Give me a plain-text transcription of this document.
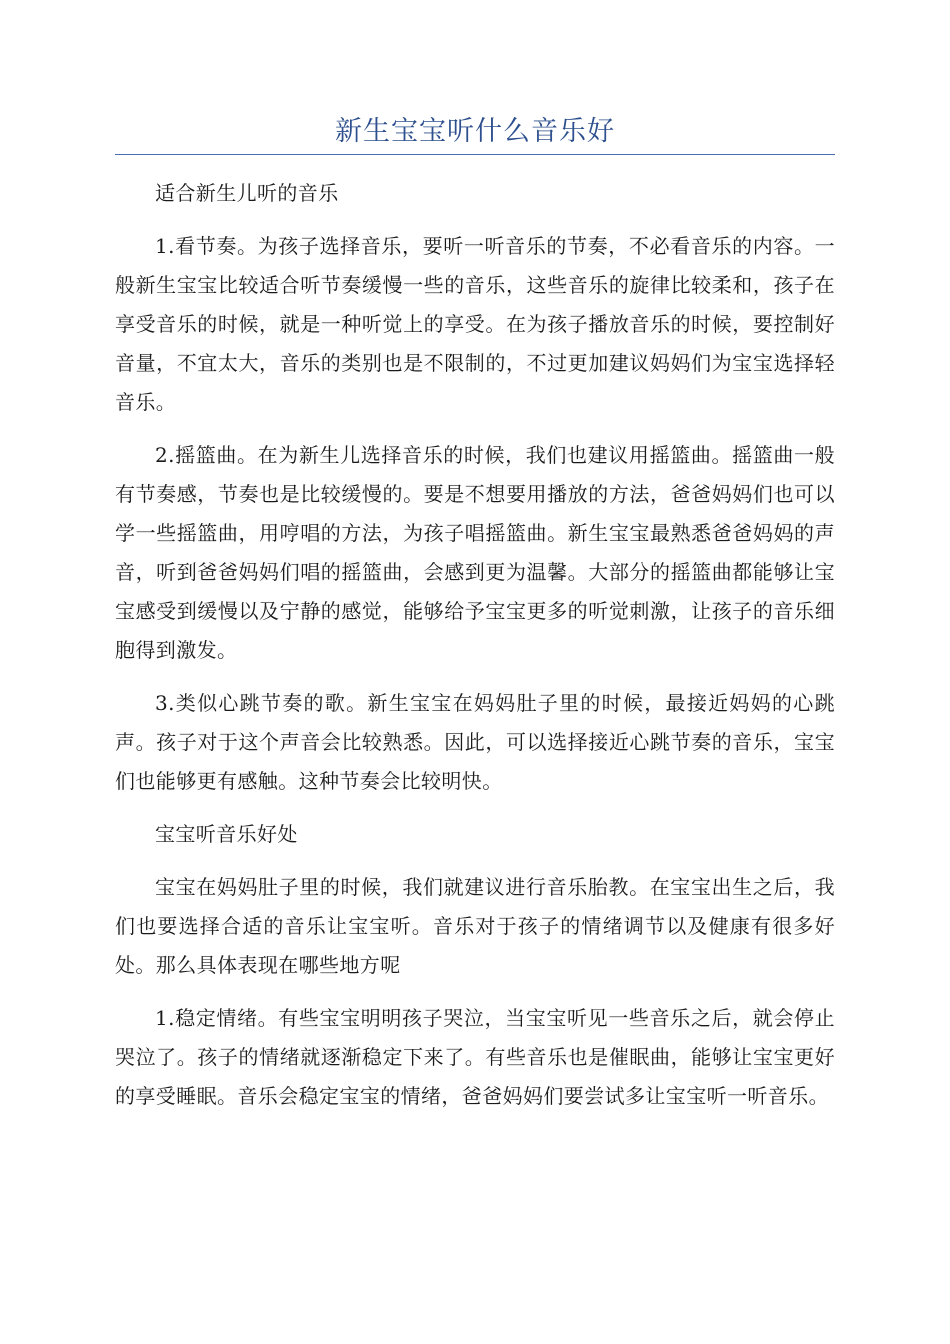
新生宝宝听什么音乐好

适合新生儿听的音乐

1.看节奏。为孩子选择音乐，要听一听音乐的节奏，不必看音乐的内容。一般新生宝宝比较适合听节奏缓慢一些的音乐，这些音乐的旋律比较柔和，孩子在享受音乐的时候，就是一种听觉上的享受。在为孩子播放音乐的时候，要控制好音量，不宜太大，音乐的类别也是不限制的，不过更加建议妈妈们为宝宝选择轻音乐。

2.摇篮曲。在为新生儿选择音乐的时候，我们也建议用摇篮曲。摇篮曲一般有节奏感，节奏也是比较缓慢的。要是不想要用播放的方法，爸爸妈妈们也可以学一些摇篮曲，用哼唱的方法，为孩子唱摇篮曲。新生宝宝最熟悉爸爸妈妈的声音，听到爸爸妈妈们唱的摇篮曲，会感到更为温馨。大部分的摇篮曲都能够让宝宝感受到缓慢以及宁静的感觉，能够给予宝宝更多的听觉刺激，让孩子的音乐细胞得到激发。

3.类似心跳节奏的歌。新生宝宝在妈妈肚子里的时候，最接近妈妈的心跳声。孩子对于这个声音会比较熟悉。因此，可以选择接近心跳节奏的音乐，宝宝们也能够更有感触。这种节奏会比较明快。

宝宝听音乐好处

宝宝在妈妈肚子里的时候，我们就建议进行音乐胎教。在宝宝出生之后，我们也要选择合适的音乐让宝宝听。音乐对于孩子的情绪调节以及健康有很多好处。那么具体表现在哪些地方呢

1.稳定情绪。有些宝宝明明孩子哭泣，当宝宝听见一些音乐之后，就会停止哭泣了。孩子的情绪就逐渐稳定下来了。有些音乐也是催眠曲，能够让宝宝更好的享受睡眠。音乐会稳定宝宝的情绪，爸爸妈妈们要尝试多让宝宝听一听音乐。
